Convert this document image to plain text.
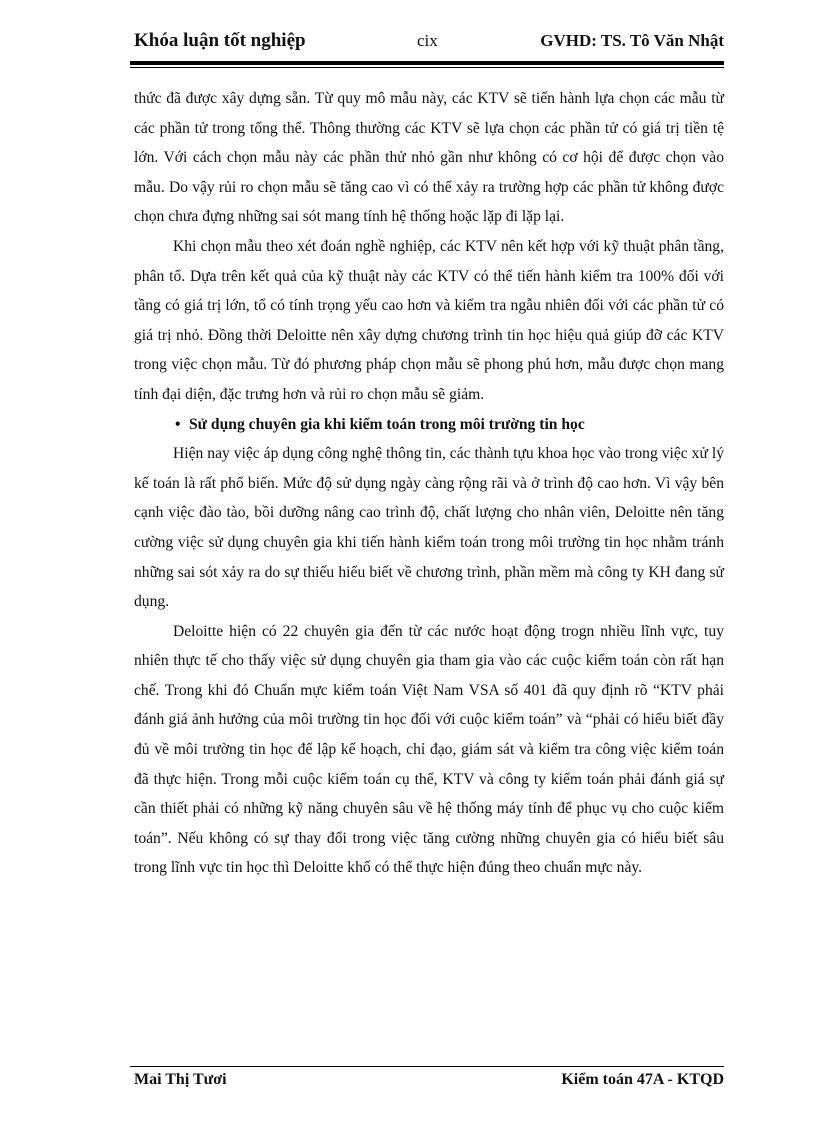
Khóa luận tốt nghiệp	cix	GVHD: TS. Tô Văn Nhật

thức đã được xây dựng sẵn. Từ quy mô mẫu này, các KTV sẽ tiến hành lựa chọn các mẫu từ các phần tử trong tổng thể. Thông thường các KTV sẽ lựa chọn các phần tử có giá trị tiền tệ lớn. Với cách chọn mẫu này các phần thử nhỏ gần như không có cơ hội để được chọn vào mẫu. Do vậy rủi ro chọn mẫu sẽ tăng cao vì có thể xảy ra trường hợp các phần tử không được chọn chưa đựng những sai sót mang tính hệ thống hoặc lặp đi lặp lại.

Khi chọn mẫu theo xét đoán nghề nghiệp, các KTV nên kết hợp với kỹ thuật phân tầng, phân tổ. Dựa trên kết quả của kỹ thuật này các KTV có thể tiến hành kiểm tra 100% đối với tầng có giá trị lớn, tổ có tính trọng yếu cao hơn và kiểm tra ngẫu nhiên đối với các phần tử có giá trị nhỏ. Đồng thời Deloitte nên xây dựng chương trình tin học hiệu quả giúp đỡ các KTV trong việc chọn mẫu. Từ đó phương pháp chọn mẫu sẽ phong phú hơn, mẫu được chọn mang tính đại diện, đặc trưng hơn và rủi ro chọn mẫu sẽ giảm.

• Sử dụng chuyên gia khi kiểm toán trong môi trường tin học

Hiện nay việc áp dụng công nghệ thông tin, các thành tựu khoa học vào trong việc xử lý kế toán là rất phổ biến. Mức độ sử dụng ngày càng rộng rãi và ở trình độ cao hơn. Vì vậy bên cạnh việc đào tào, bồi dưỡng nâng cao trình độ, chất lượng cho nhân viên, Deloitte nên tăng cường việc sử dụng chuyên gia khi tiến hành kiểm toán trong môi trường tin học nhằm tránh những sai sót xảy ra do sự thiếu hiểu biết về chương trình, phần mềm mà công ty KH đang sử dụng.

Deloitte hiện có 22 chuyên gia đến từ các nước hoạt động trogn nhiều lĩnh vực, tuy nhiên thực tế cho thấy việc sử dụng chuyên gia tham gia vào các cuộc kiểm toán còn rất hạn chế. Trong khi đó Chuẩn mực kiểm toán Việt Nam VSA số 401 đã quy định rõ “KTV phải đánh giá ảnh hưởng của môi trường tin học đối với cuộc kiểm toán” và “phải có hiểu biết đầy đủ về môi trường tin học để lập kế hoạch, chỉ đạo, giám sát và kiểm tra công việc kiểm toán đã thực hiện. Trong mỗi cuộc kiểm toán cụ thể, KTV và công ty kiểm toán phải đánh giá sự cần thiết phải có những kỹ năng chuyên sâu về hệ thống máy tính để phục vụ cho cuộc kiểm toán”. Nếu không có sự thay đổi trong việc tăng cường những chuyên gia có hiểu biết sâu trong lĩnh vực tin học thì Deloitte khố có thể thực hiện đúng theo chuẩn mực này.

Mai Thị Tươi	Kiểm toán 47A - KTQD
